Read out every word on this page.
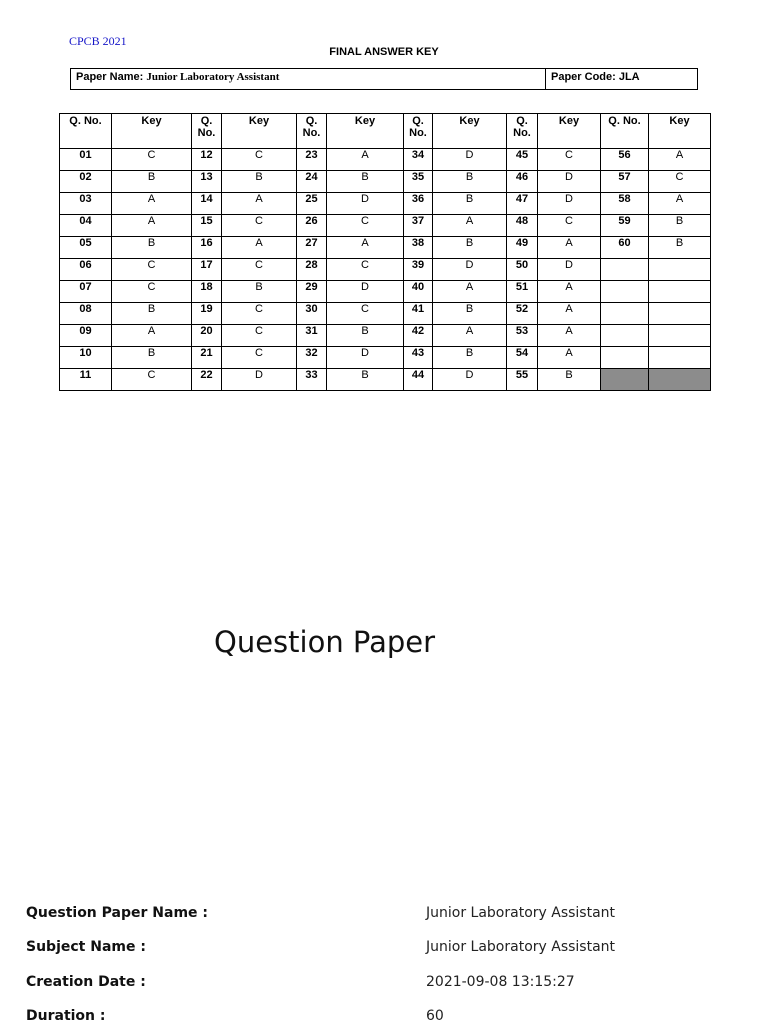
CPCB 2021
FINAL ANSWER KEY
Paper Name: Junior Laboratory Assistant	Paper Code: JLA
Q. No.	Key	Q. No.	Key	Q. No.	Key	Q. No.	Key	Q. No.	Key	Q. No.	Key
01	C	12	C	23	A	34	D	45	C	56	A
02	B	13	B	24	B	35	B	46	D	57	C
03	A	14	A	25	D	36	B	47	D	58	A
04	A	15	C	26	C	37	A	48	C	59	B
05	B	16	A	27	A	38	B	49	A	60	B
06	C	17	C	28	C	39	D	50	D		
07	C	18	B	29	D	40	A	51	A		
08	B	19	C	30	C	41	B	52	A		
09	A	20	C	31	B	42	A	53	A		
10	B	21	C	32	D	43	B	54	A		
11	C	22	D	33	B	44	D	55	B		
Question Paper
Question Paper Name :	Junior Laboratory Assistant
Subject Name :	Junior Laboratory Assistant
Creation Date :	2021-09-08 13:15:27
Duration :	60
